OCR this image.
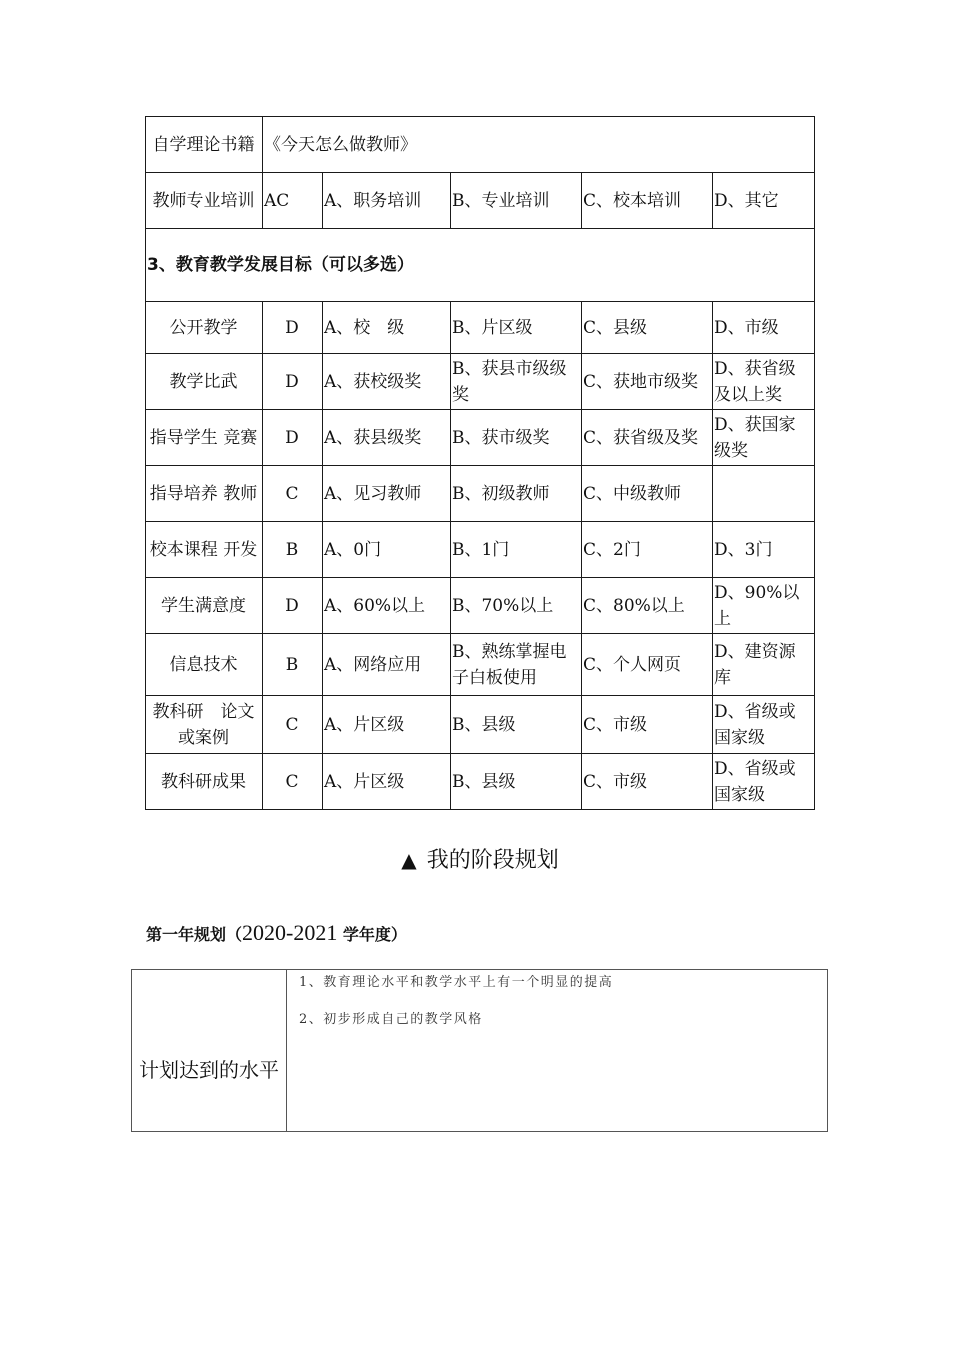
自学理论书籍	《今天怎么做教师》				
教师专业培训	AC	A、职务培训	B、专业培训	C、校本培训	D、其它
3、教育教学发展目标（可以多选）					
公开教学	D	A、校　级	B、片区级	C、县级	D、市级
教学比武	D	A、获校级奖	B、获县市级级奖	C、获地市级奖	D、获省级及以上奖
指导学生 竞赛	D	A、获县级奖	B、获市级奖	C、获省级及奖	D、获国家级奖
指导培养 教师	C	A、见习教师	B、初级教师	C、中级教师	
校本课程 开发	B	A、0门	B、1门	C、2门	D、3门
学生满意度	D	A、60%以上	B、70%以上	C、80%以上	D、90%以上
信息技术	B	A、网络应用	B、熟练掌握电子白板使用	C、个人网页	D、建资源库
教科研　论文或案例	C	A、片区级	B、县级	C、市级	D、省级或国家级
教科研成果	C	A、片区级	B、县级	C、市级	D、省级或国家级
▲ 我的阶段规划
第一年规划（2020-2021 学年度）
计划达到的水平	
1、教育理论水平和教学水平上有一个明显的提高
2、初步形成自己的教学风格
